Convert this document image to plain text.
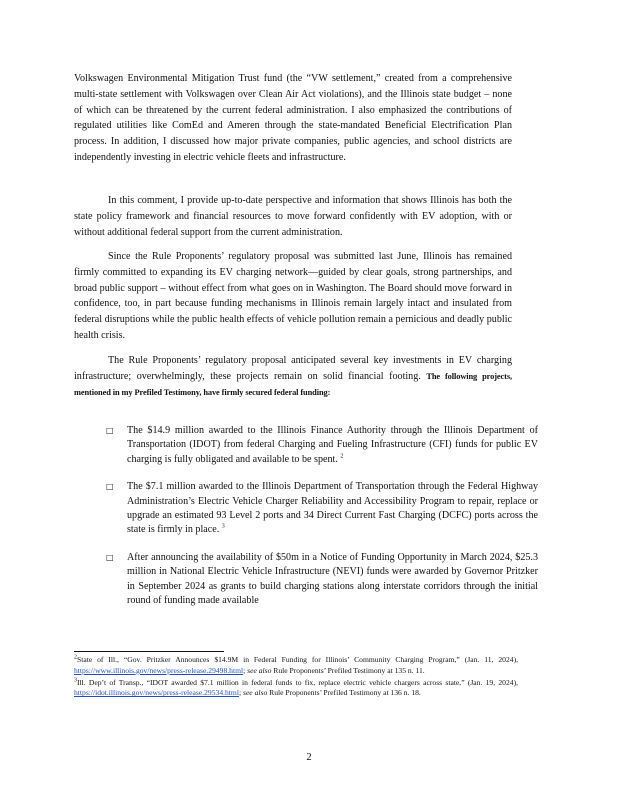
Volkswagen Environmental Mitigation Trust fund (the “VW settlement,” created from a comprehensive multi-state settlement with Volkswagen over Clean Air Act violations), and the Illinois state budget – none of which can be threatened by the current federal administration. I also emphasized the contributions of regulated utilities like ComEd and Ameren through the state-mandated Beneficial Electrification Plan process. In addition, I discussed how major private companies, public agencies, and school districts are independently investing in electric vehicle fleets and infrastructure.

In this comment, I provide up-to-date perspective and information that shows Illinois has both the state policy framework and financial resources to move forward confidently with EV adoption, with or without additional federal support from the current administration.

Since the Rule Proponents’ regulatory proposal was submitted last June, Illinois has remained firmly committed to expanding its EV charging network—guided by clear goals, strong partnerships, and broad public support – without effect from what goes on in Washington. The Board should move forward in confidence, too, in part because funding mechanisms in Illinois remain largely intact and insulated from federal disruptions while the public health effects of vehicle pollution remain a pernicious and deadly public health crisis.

The Rule Proponents’ regulatory proposal anticipated several key investments in EV charging infrastructure; overwhelmingly, these projects remain on solid financial footing. The following projects, mentioned in my Prefiled Testimony, have firmly secured federal funding:

□ The $14.9 million awarded to the Illinois Finance Authority through the Illinois Department of Transportation (IDOT) from federal Charging and Fueling Infrastructure (CFI) funds for public EV charging is fully obligated and available to be spent. $^2$
□ The $7.1 million awarded to the Illinois Department of Transportation through the Federal Highway Administration’s Electric Vehicle Charger Reliability and Accessibility Program to repair, replace or upgrade an estimated 93 Level 2 ports and 34 Direct Current Fast Charging (DCFC) ports across the state is firmly in place. $^3$
□ After announcing the availability of $50m in a Notice of Funding Opportunity in March 2024, $25.3 million in National Electric Vehicle Infrastructure (NEVI) funds were awarded by Governor Pritzker in September 2024 as grants to build charging stations along interstate corridors through the initial round of funding made available
$^2$State of Ill., “Gov. Pritzker Announces $14.9M in Federal Funding for Illinois’ Community Charging Program,” (Jan. 11, 2024), https://www.illinois.gov/news/press-release.29498.html; see also Rule Proponents’ Prefiled Testimony at 135 n. 11.
$^3$Ill. Dep’t of Transp., “IDOT awarded $7.1 million in federal funds to fix, replace electric vehicle chargers across state,” (Jan. 19, 2024), https://idot.illinois.gov/news/press-release.29534.html; see also Rule Proponents’ Prefiled Testimony at 136 n. 18.
2
